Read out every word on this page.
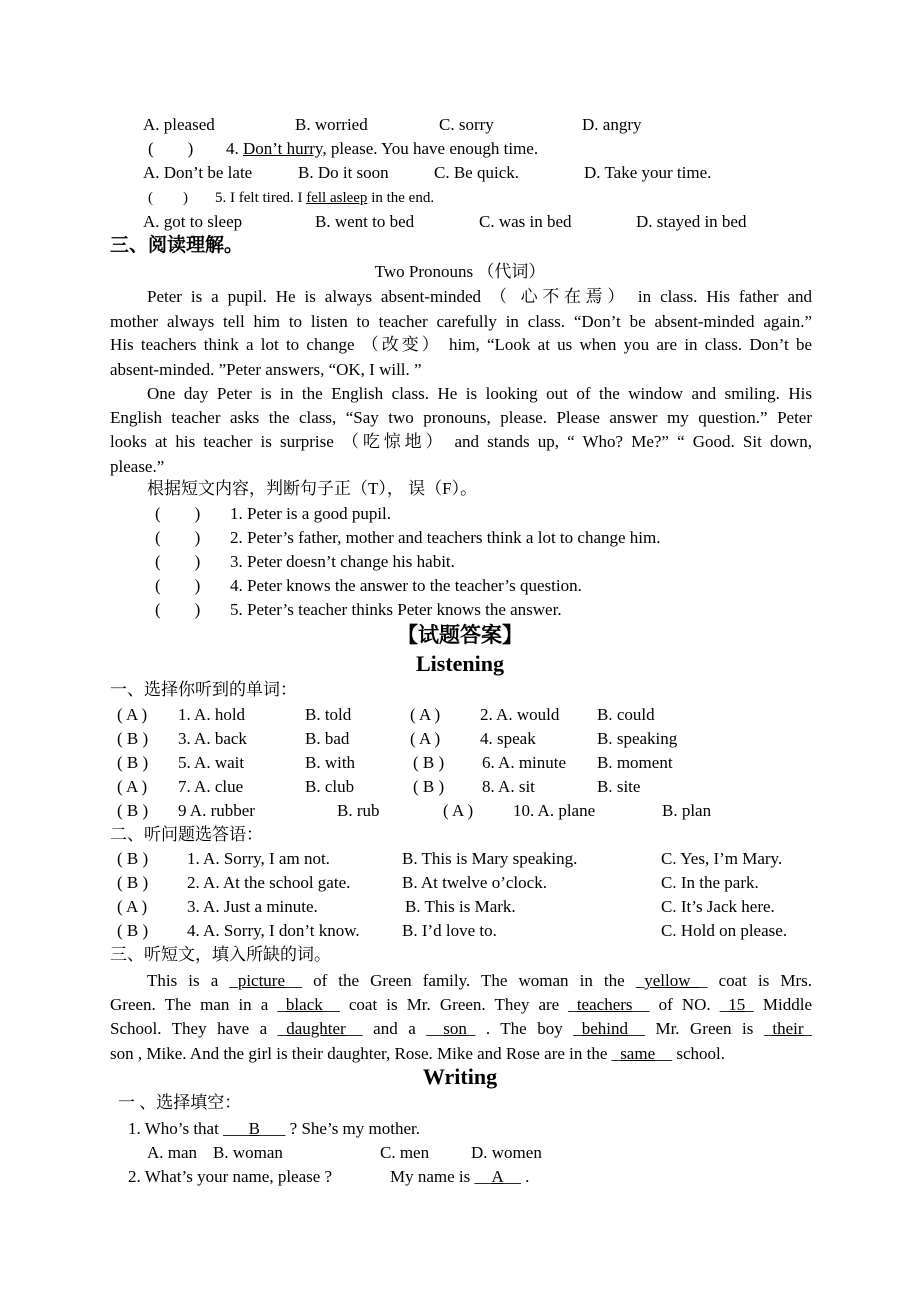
A. pleased	B. worried	C. sorry	D. angry
(　　) 4. Don’t hurry, please. You have enough time.
A. Don’t be late	B. Do it soon	C. Be quick.	D. Take your time.
(　　) 5. I felt tired. I fell asleep in the end.
A. got to sleep	B. went to bed	C. was in bed	D. stayed in bed
三、阅读理解。
Two Pronouns （代词）
Peter is a pupil. He is always absent-minded （ 心不在焉） in class. His father and
mother always tell him to listen to teacher carefully in class. “Don’t be absent-minded again.”
His teachers think a lot to change （改变） him, “Look at us when you are in class. Don’t be
absent-minded. ”Peter answers, “OK, I will. ”
One day Peter is in the English class. He is looking out of the window and smiling. His
English teacher asks the class, “Say two pronouns, please. Please answer my question.” Peter
looks at his teacher is surprise （吃惊地） and stands up, “ Who? Me?” “ Good. Sit down,
please.”
根据短文内容，判断句子正（T）， 误（F）。
(　　) 1. Peter is a good pupil.
(　　) 2. Peter’s father, mother and teachers think a lot to change him.
(　　) 3. Peter doesn’t change his habit.
(　　) 4. Peter knows the answer to the teacher’s question.
(　　) 5. Peter’s teacher thinks Peter knows the answer.
【试题答案】
Listening
一、选择你听到的单词：
( A ) 1. A. hold	B. told	( A ) 2. A. would B. could
( B ) 3. A. back	B. bad	( A ) 4. speak	B. speaking
( B ) 5. A. wait	B. with	( B ) 6. A. minute B. moment
( A ) 7. A. clue	B. club	( B ) 8. A. sit	B. site
( B ) 9 A. rubber	B. rub	( A ) 10. A. plane	B. plan
二、听问题选答语：
( B ) 1. A. Sorry, I am not.	B. This is Mary speaking.	C. Yes, I’m Mary.
( B ) 2. A. At the school gate.	B. At twelve o’clock.	C. In the park.
( A ) 3. A. Just a minute.	B. This is Mark.	C. It’s Jack here.
( B ) 4. A. Sorry, I don’t know. B. I’d love to.	C. Hold on please.
三、听短文，填入所缺的词。
This is a _picture__ of the Green family. The woman in the _yellow__ coat is Mrs.
Green. The man in a _black__ coat is Mr. Green. They are _teachers__ of NO. _15_ Middle
School. They have a _daughter__ and a __son_ . The boy _behind__ Mr. Green is _their_
son , Mike. And the girl is their daughter, Rose. Mike and Rose are in the _same__ school.
Writing
一 、选择填空：
1. Who’s that ___B___ ? She’s my mother.
A. man B. woman	C. men D. women
2. What’s your name, please ?	My name is __A__ .
